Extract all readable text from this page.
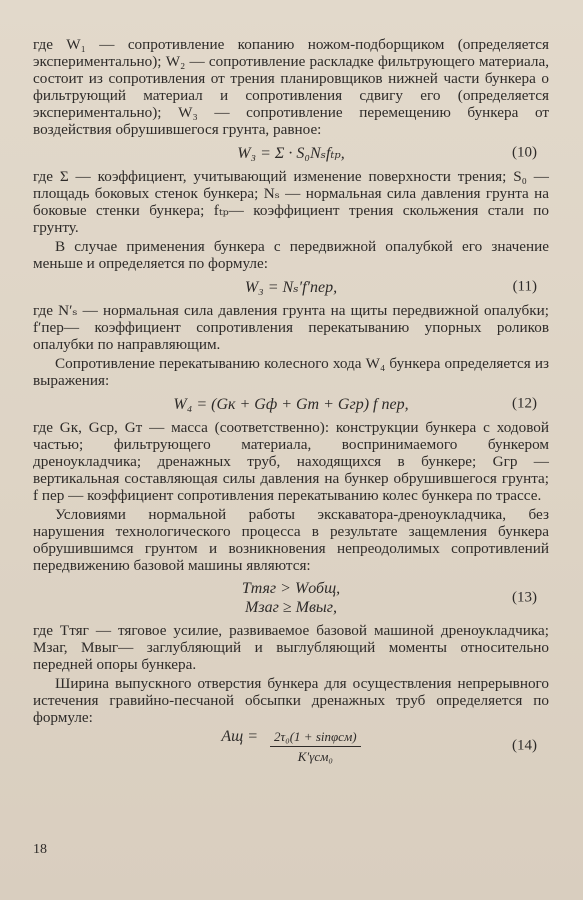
где W₁ — сопротивление копанию ножом-подборщиком (определяется экспериментально); W₂ — сопротивление раскладке фильтрующего материала, состоит из сопротивления от трения планировщиков нижней части бункера о фильтрующий материал и сопротивления сдвигу его (определяется экспериментально); W₃ — сопротивление перемещению бункера от воздействия обрушившегося грунта, равное:

W₃ = Σ · S₀Nₛfₜₚ,	(10)

где Σ — коэффициент, учитывающий изменение поверхности трения; S₀ — площадь боковых стенок бункера; Nₛ — нормальная сила давления грунта на боковые стенки бункера; fₜₚ— коэффициент трения скольжения стали по грунту.

В случае применения бункера с передвижной опалубкой его значение меньше и определяется по формуле:

W₃ = Nₛ′f′пер,	(11)

где N′ₛ — нормальная сила давления грунта на щиты передвижной опалубки; f′пер— коэффициент сопротивления перекатыванию упорных роликов опалубки по направляющим.

Сопротивление перекатыванию колесного хода W₄ бункера определяется из выражения:

W₄ = (Gк + Gф + Gт + Gгр) f пер,	(12)

где Gк, Gср, Gт — масса (соответственно): конструкции бункера с ходовой частью; фильтрующего материала, воспринимаемого бункером дреноукладчика; дренажных труб, находящихся в бункере; Gгр — вертикальная составляющая силы давления на бункер обрушившегося грунта; f пер — коэффициент сопротивления перекатыванию колес бункера по трассе.

Условиями нормальной работы экскаватора-дреноукладчика, без нарушения технологического процесса в результате защемления бункера обрушившимся грунтом и возникновения непреодолимых сопротивлений передвижению базовой машины являются:

Tтяг > Wобщ,
Mзаг ≥ Mвыг,
(13)

где Tтяг — тяговое усилие, развиваемое базовой машиной дреноукладчика; Mзаг, Mвыг— заглубляющий и выглубляющий моменты относительно передней опоры бункера.

Ширина выпускного отверстия бункера для осуществления непрерывного истечения гравийно-песчаной обсыпки дренажных труб определяется по формуле:

Aщ = $\frac{\text{2τ₀(1 + sinφсм)}}{\text{K′γсм₀}}$	(14)
18
